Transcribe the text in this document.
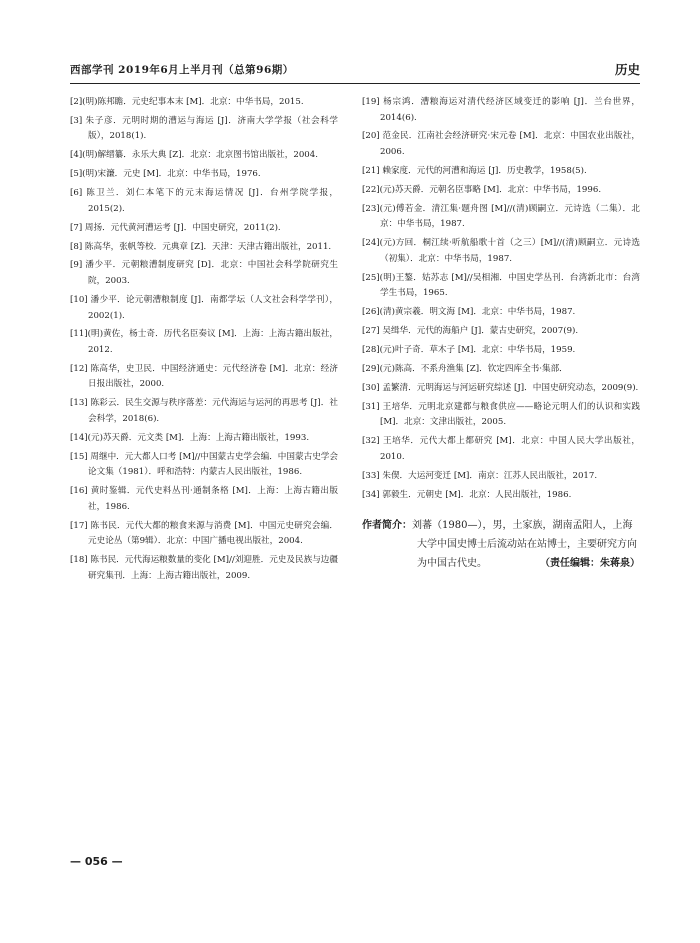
西部学刊 2019年6月上半月刊（总第96期）	历史

[2](明)陈邦瞻．元史纪事本末 [M]．北京：中华书局，2015.

[3] 朱子彦．元明时期的漕运与海运 [J]．济南大学学报（社会科学版），2018(1).

[4](明)解缙纂．永乐大典 [Z]．北京：北京图书馆出版社，2004.

[5](明)宋濂．元史 [M]．北京：中华书局，1976.

[6] 陈卫兰．刘仁本笔下的元末海运情况 [J]．台州学院学报，2015(2).

[7] 周扬．元代黄河漕运考 [J]．中国史研究，2011(2).

[8] 陈高华，张帆等校．元典章 [Z]．天津：天津古籍出版社，2011.

[9] 潘少平．元朝粮漕制度研究 [D]．北京：中国社会科学院研究生院，2003.

[10] 潘少平．论元朝漕粮制度 [J]．南都学坛（人文社会科学学刊），2002(1).

[11](明)黄佐，杨士奇．历代名臣奏议 [M]．上海：上海古籍出版社，2012.

[12] 陈高华，史卫民．中国经济通史：元代经济卷 [M]．北京：经济日报出版社，2000.

[13] 陈彩云．民生交源与秩序落差：元代海运与运河的再思考 [J]．社会科学，2018(6).

[14](元)苏天爵．元文类 [M]．上海：上海古籍出版社，1993.

[15] 周继中．元大都人口考 [M]//中国蒙古史学会编．中国蒙古史学会论文集（1981）．呼和浩特：内蒙古人民出版社，1986.

[16] 黄时鉴辑．元代史料丛刊·通制条格 [M]．上海：上海古籍出版社，1986.

[17] 陈书民．元代大都的粮食来源与消费 [M]．中国元史研究会编．元史论丛（第9辑）．北京：中国广播电视出版社，2004.

[18] 陈书民．元代海运粮数量的变化 [M]//刘迎胜．元史及民族与边疆研究集刊．上海：上海古籍出版社，2009.

[19] 杨宗鸿．漕粮海运对清代经济区域变迁的影响 [J]．兰台世界，2014(6).

[20] 范金民．江南社会经济研究·宋元卷 [M]．北京：中国农业出版社，2006.

[21] 赖家度．元代的河漕和海运 [J]．历史教学，1958(5).

[22](元)苏天爵．元朝名臣事略 [M]．北京：中华书局，1996.

[23](元)傅若金．清江集·题舟图 [M]//(清)顾嗣立．元诗选（二集）．北京：中华书局，1987.

[24](元)方回．桐江续·听航船歌十首（之三）[M]//(清)顾嗣立．元诗选（初集）．北京：中华书局，1987.

[25](明)王鏊．姑苏志 [M]//吴相湘．中国史学丛刊．台湾新北市：台湾学生书局，1965.

[26](清)黄宗羲．明文海 [M]．北京：中华书局，1987.

[27] 吴缉华．元代的海船户 [J]．蒙古史研究，2007(9).

[28](元)叶子奇．草木子 [M]．北京：中华书局，1959.

[29](元)陈高．不系舟渔集 [Z]．钦定四库全书·集部．

[30] 孟繁清．元明海运与河运研究综述 [J]．中国史研究动态，2009(9).

[31] 王培华．元明北京建都与粮食供应——略论元明人们的认识和实践 [M]．北京：文津出版社，2005.

[32] 王培华．元代大都上都研究 [M]．北京：中国人民大学出版社，2010.

[33] 朱偰．大运河变迁 [M]．南京：江苏人民出版社，2017.

[34] 郭毅生．元朝史 [M]．北京：人民出版社，1986.

作者简介：刘蕃（1980—），男，土家族，湖南孟阳人，上海大学中国史博士后流动站在站博士，主要研究方向为中国古代史。	（责任编辑：朱蒋泉）
— 056 —
